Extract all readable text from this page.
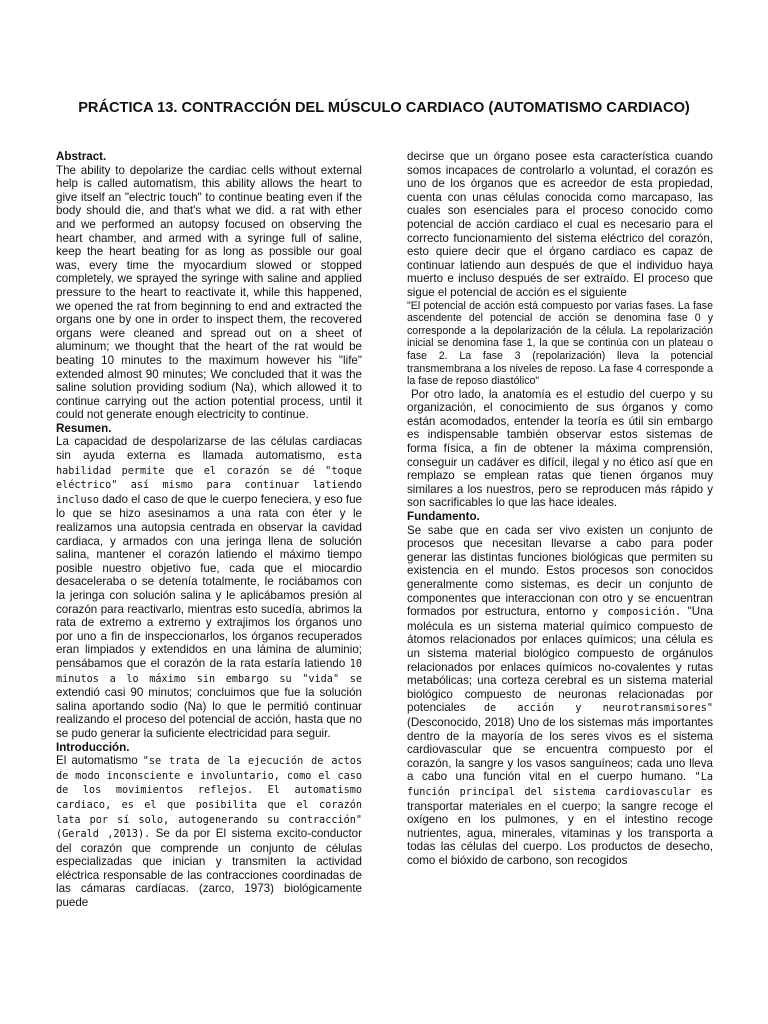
PRÁCTICA 13. CONTRACCIÓN DEL MÚSCULO CARDIACO (AUTOMATISMO CARDIACO)

Abstract.
The ability to depolarize the cardiac cells without external help is called automatism, this ability allows the heart to give itself an "electric touch" to continue beating even if the body should die, and that's what we did. a rat with ether and we performed an autopsy focused on observing the heart chamber, and armed with a syringe full of saline, keep the heart beating for as long as possible our goal was, every time the myocardium slowed or stopped completely, we sprayed the syringe with saline and applied pressure to the heart to reactivate it, while this happened, we opened the rat from beginning to end and extracted the organs one by one in order to inspect them, the recovered organs were cleaned and spread out on a sheet of aluminum; we thought that the heart of the rat would be beating 10 minutes to the maximum however his "life" extended almost 90 minutes; We concluded that it was the saline solution providing sodium (Na), which allowed it to continue carrying out the action potential process, until it could not generate enough electricity to continue.

Resumen.
La capacidad de despolarizarse de las células cardiacas sin ayuda externa es llamada automatismo, esta habilidad permite que el corazón se dé "toque eléctrico" así mismo para continuar latiendo incluso dado el caso de que le cuerpo feneciera, y eso fue lo que se hizo asesinamos a una rata con éter y le realizamos una autopsia centrada en observar la cavidad cardiaca, y armados con una jeringa llena de solución salina, mantener el corazón latiendo el máximo tiempo posible nuestro objetivo fue, cada que el miocardio desaceleraba o se detenía totalmente, le rociábamos con la jeringa con solución salina y le aplicábamos presión al corazón para reactivarlo, mientras esto sucedía, abrimos la rata de extremo a extremo y extrajimos los órganos uno por uno a fin de inspeccionarlos, los órganos recuperados eran limpiados y extendidos en una lámina de aluminio; pensábamos que el corazón de la rata estaría latiendo 10 minutos a lo máximo sin embargo su "vida" se extendió casi 90 minutos; concluimos que fue la solución salina aportando sodio (Na) lo que le permitió continuar realizando el proceso del potencial de acción, hasta que no se pudo generar la suficiente electricidad para seguir.

Introducción.
El automatismo "se trata de la ejecución de actos de modo inconsciente e involuntario, como el caso de los movimientos reflejos. El automatismo cardiaco, es el que posibilita que el corazón lata por sí solo, autogenerando su contracción" (Gerald ,2013). Se da por El sistema excito-conductor del corazón que comprende un conjunto de células especializadas que inician y transmiten la actividad eléctrica responsable de las contracciones coordinadas de las cámaras cardíacas. (zarco, 1973) biológicamente puede

decirse que un órgano posee esta característica cuando somos incapaces de controlarlo a voluntad, el corazón es uno de los órganos que es acreedor de esta propiedad, cuenta con unas células conocida como marcapaso, las cuales son esenciales para el proceso conocido como potencial de acción cardiaco el cual es necesario para el correcto funcionamiento del sistema eléctrico del corazón, esto quiere decir que el órgano cardiaco es capaz de continuar latiendo aun después de que el individuo haya muerto e incluso después de ser extraído. El proceso que sigue el potencial de acción es el siguiente

"El potencial de acción está compuesto por varias fases. La fase ascendente del potencial de acción se denomina fase 0 y corresponde a la depolarización de la célula. La repolarización inicial se denomina fase 1, la que se continúa con un plateau o fase 2. La fase 3 (repolarización) lleva la potencial transmembrana a los niveles de reposo. La fase 4 corresponde a la fase de reposo diastólico"

Por otro lado, la anatomía es el estudio del cuerpo y su organización, el conocimiento de sus órganos y como están acomodados, entender la teoría es útil sin embargo es indispensable también observar estos sistemas de forma física, a fin de obtener la máxima comprensión, conseguir un cadáver es difícil, ilegal y no ético así que en remplazo se emplean ratas que tienen órganos muy similares a los nuestros, pero se reproducen más rápido y son sacrificables lo que las hace ideales.

Fundamento.
Se sabe que en cada ser vivo existen un conjunto de procesos que necesitan llevarse a cabo para poder generar las distintas funciones biológicas que permiten su existencia en el mundo. Estos procesos son conocidos generalmente como sistemas, es decir un conjunto de componentes que interaccionan con otro y se encuentran formados por estructura, entorno y composición. "Una molécula es un sistema material químico compuesto de átomos relacionados por enlaces químicos; una célula es un sistema material biológico compuesto de orgánulos relacionados por enlaces químicos no-covalentes y rutas metabólicas; una corteza cerebral es un sistema material biológico compuesto de neuronas relacionadas por potenciales de acción y neurotransmisores" (Desconocido, 2018) Uno de los sistemas más importantes dentro de la mayoría de los seres vivos es el sistema cardiovascular que se encuentra compuesto por el corazón, la sangre y los vasos sanguíneos; cada uno lleva a cabo una función vital en el cuerpo humano. "La función principal del sistema cardiovascular es transportar materiales en el cuerpo; la sangre recoge el oxígeno en los pulmones, y en el intestino recoge nutrientes, agua, minerales, vitaminas y los transporta a todas las células del cuerpo. Los productos de desecho, como el bióxido de carbono, son recogidos
